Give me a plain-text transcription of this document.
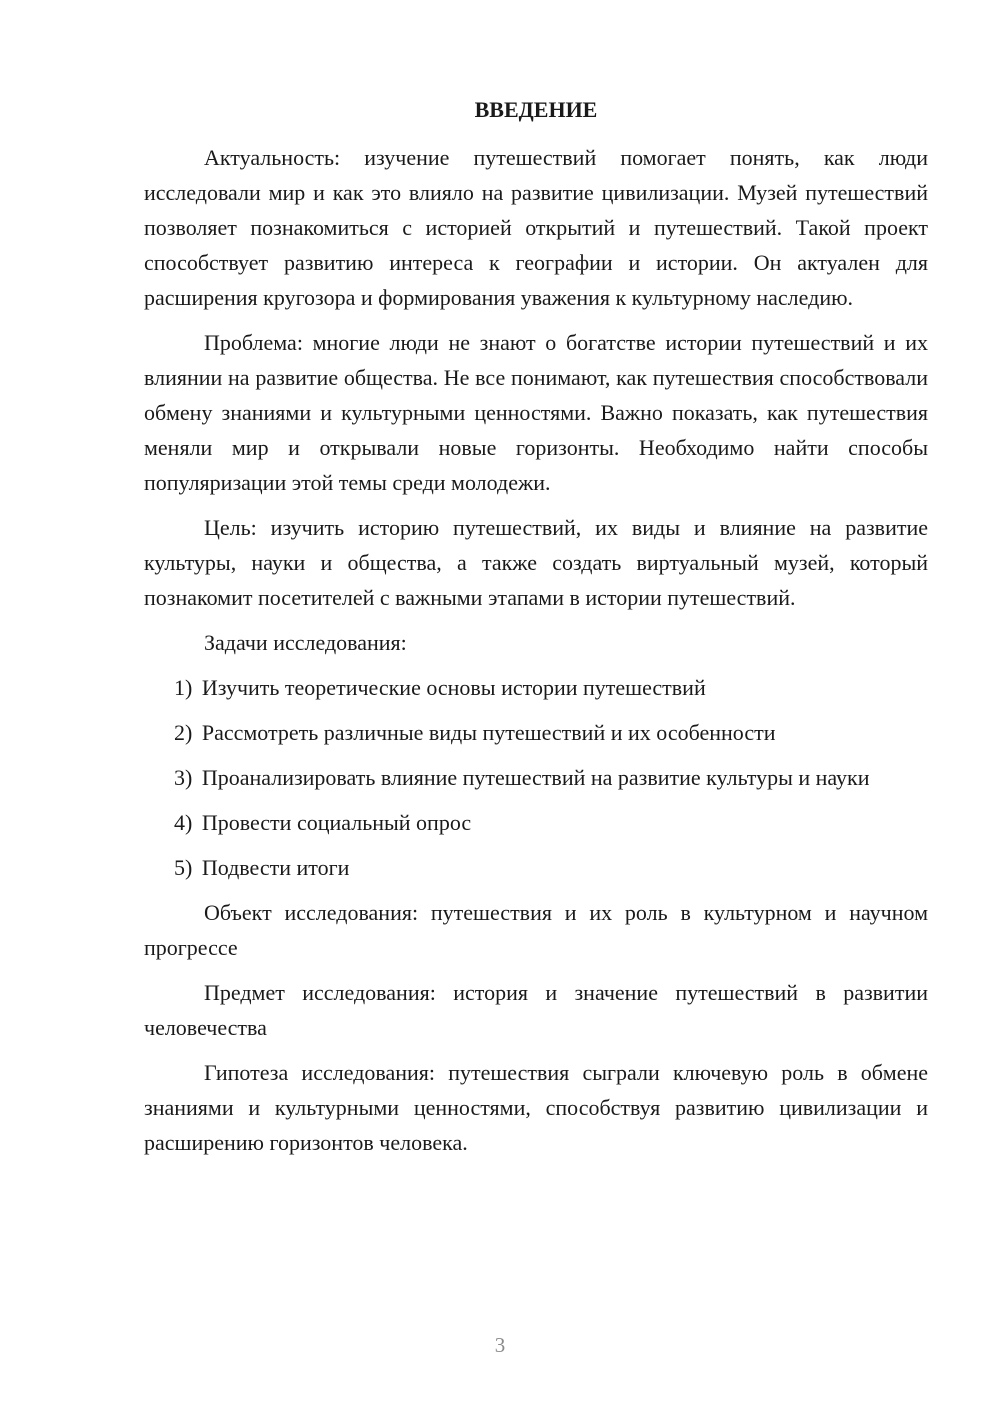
ВВЕДЕНИЕ

Актуальность: изучение путешествий помогает понять, как люди исследовали мир и как это влияло на развитие цивилизации. Музей путешествий позволяет познакомиться с историей открытий и путешествий. Такой проект способствует развитию интереса к географии и истории. Он актуален для расширения кругозора и формирования уважения к культурному наследию.

Проблема: многие люди не знают о богатстве истории путешествий и их влиянии на развитие общества. Не все понимают, как путешествия способствовали обмену знаниями и культурными ценностями. Важно показать, как путешествия меняли мир и открывали новые горизонты. Необходимо найти способы популяризации этой темы среди молодежи.

Цель: изучить историю путешествий, их виды и влияние на развитие культуры, науки и общества, а также создать виртуальный музей, который познакомит посетителей с важными этапами в истории путешествий.

Задачи исследования:

1) Изучить теоретические основы истории путешествий

2) Рассмотреть различные виды путешествий и их особенности

3) Проанализировать влияние путешествий на развитие культуры и науки

4) Провести социальный опрос

5) Подвести итоги

Объект исследования: путешествия и их роль в культурном и научном прогрессе

Предмет исследования: история и значение путешествий в развитии человечества

Гипотеза исследования: путешествия сыграли ключевую роль в обмене знаниями и культурными ценностями, способствуя развитию цивилизации и расширению горизонтов человека.

3
